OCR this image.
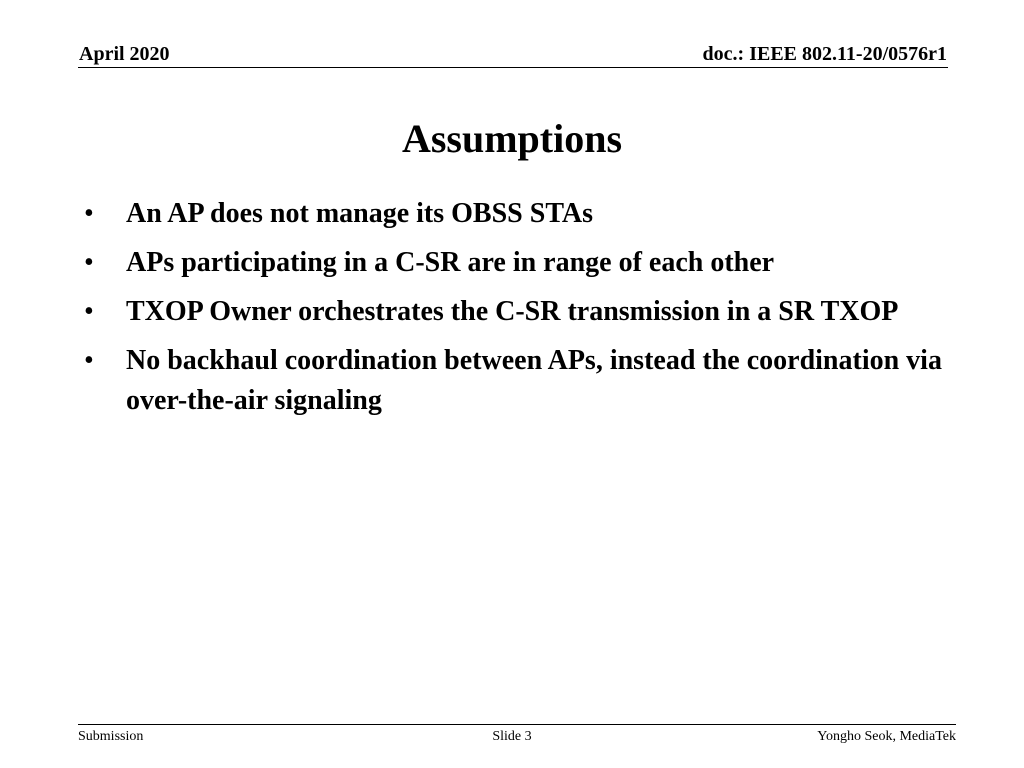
April 2020	doc.: IEEE 802.11-20/0576r1
Assumptions
• An AP does not manage its OBSS STAs
• APs participating in a C-SR are in range of each other
• TXOP Owner orchestrates the C-SR transmission in a SR TXOP
• No backhaul coordination between APs, instead the coordination via over-the-air signaling
Submission	Slide 3	Yongho Seok, MediaTek
